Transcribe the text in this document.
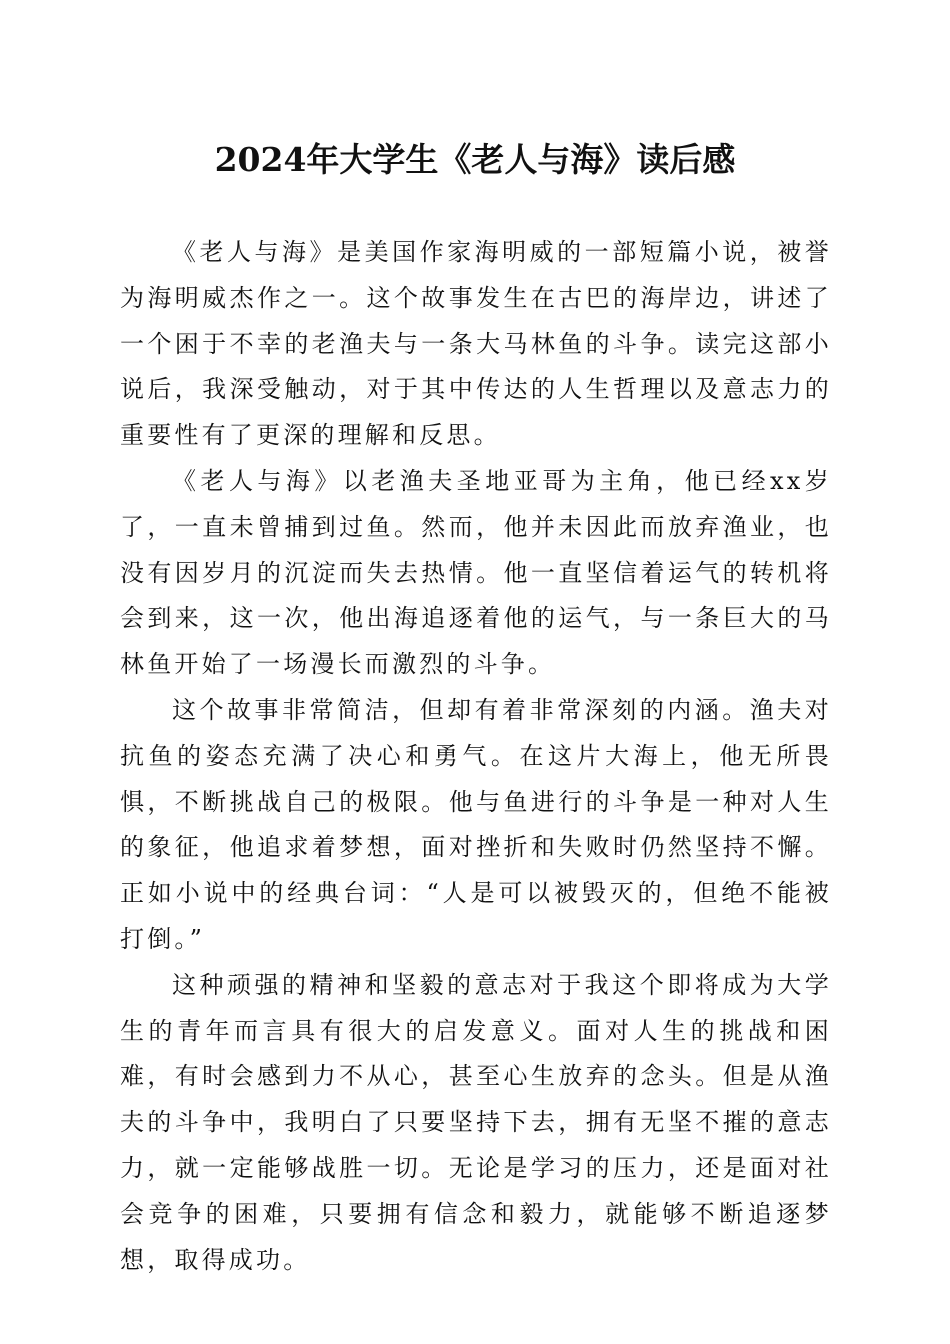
2024年大学生《老人与海》读后感

《老人与海》是美国作家海明威的一部短篇小说，被誉为海明威杰作之一。这个故事发生在古巴的海岸边，讲述了一个困于不幸的老渔夫与一条大马林鱼的斗争。读完这部小说后，我深受触动，对于其中传达的人生哲理以及意志力的重要性有了更深的理解和反思。

《老人与海》以老渔夫圣地亚哥为主角，他已经xx岁了，一直未曾捕到过鱼。然而，他并未因此而放弃渔业，也没有因岁月的沉淀而失去热情。他一直坚信着运气的转机将会到来，这一次，他出海追逐着他的运气，与一条巨大的马林鱼开始了一场漫长而激烈的斗争。

这个故事非常简洁，但却有着非常深刻的内涵。渔夫对抗鱼的姿态充满了决心和勇气。在这片大海上，他无所畏惧，不断挑战自己的极限。他与鱼进行的斗争是一种对人生的象征，他追求着梦想，面对挫折和失败时仍然坚持不懈。正如小说中的经典台词：“人是可以被毁灭的，但绝不能被打倒。”

这种顽强的精神和坚毅的意志对于我这个即将成为大学生的青年而言具有很大的启发意义。面对人生的挑战和困难，有时会感到力不从心，甚至心生放弃的念头。但是从渔夫的斗争中，我明白了只要坚持下去，拥有无坚不摧的意志力，就一定能够战胜一切。无论是学习的压力，还是面对社会竞争的困难，只要拥有信念和毅力，就能够不断追逐梦想，取得成功。
